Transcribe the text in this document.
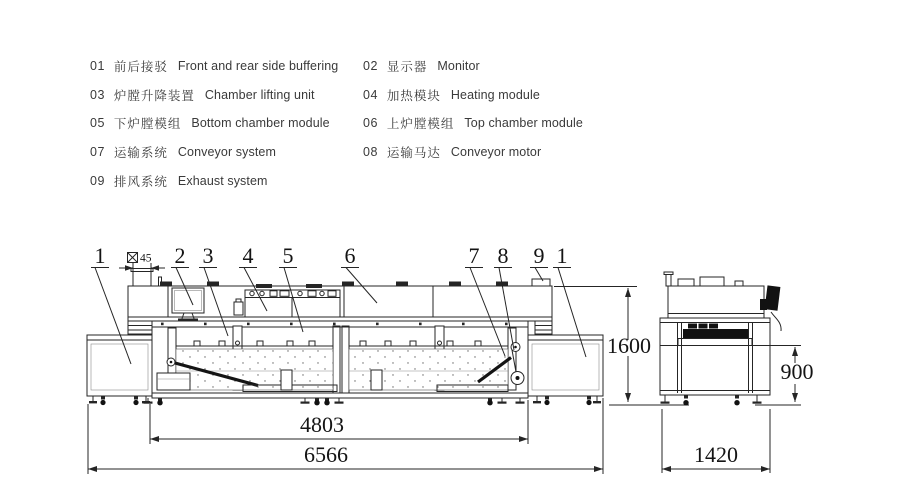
01 前后接驳 Front and rear side buffering
03 炉膛升降装置 Chamber lifting unit
05 下炉膛模组 Bottom chamber module
07 运输系统 Conveyor system
09 排风系统 Exhaust system
02 显示器 Monitor
04 加热模块 Heating module
06 上炉膛模组 Top chamber module
08 运输马达 Conveyor motor
45
1	2 3 4 5 6	7 8 9 1
1600
4803
6566
900
1420
